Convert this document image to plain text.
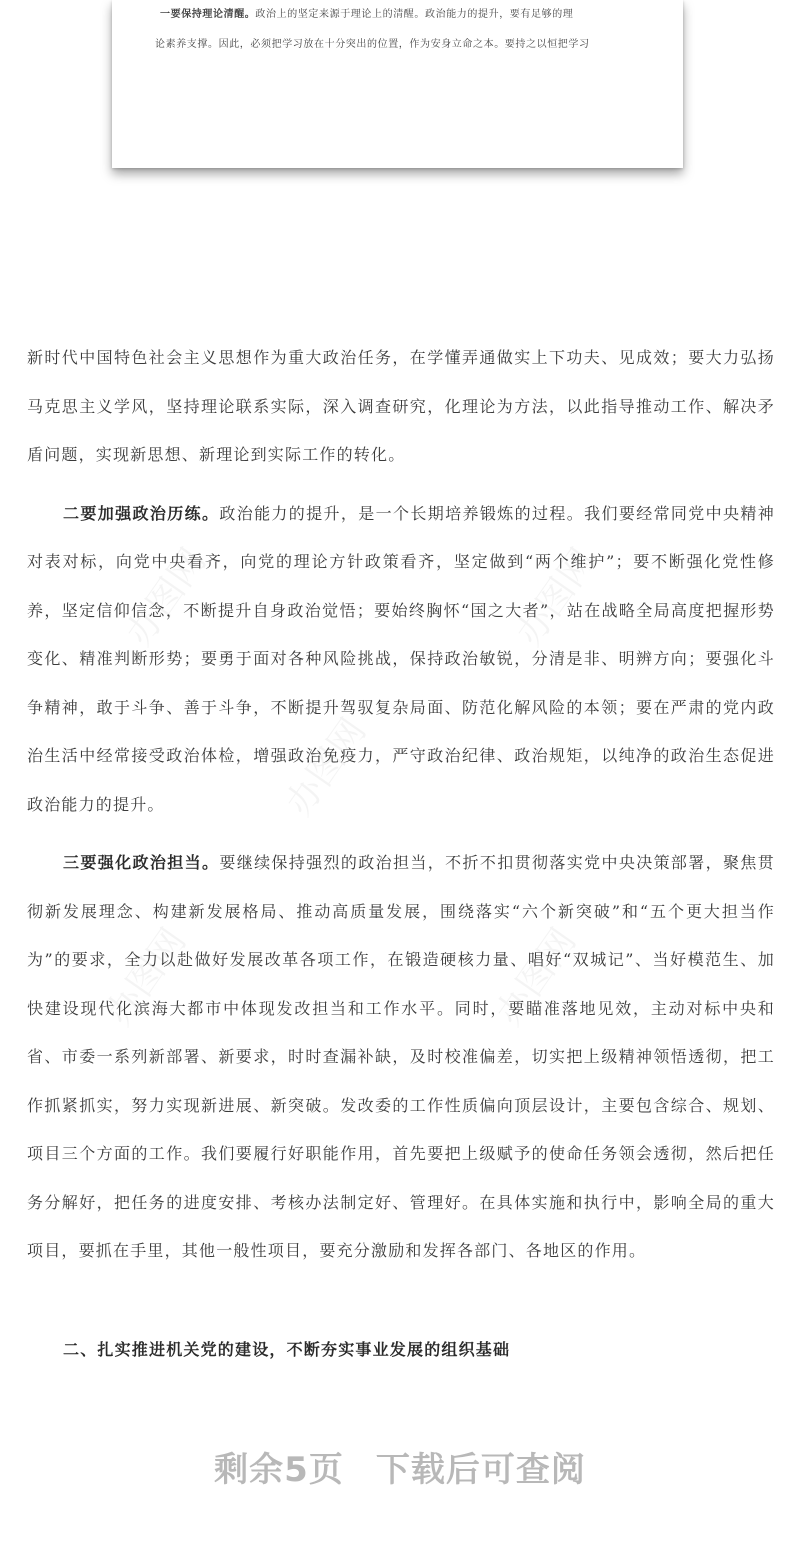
一要保持理论清醒。政治上的坚定来源于理论上的清醒。政治能力的提升，要有足够的理

论素养支撑。因此，必须把学习放在十分突出的位置，作为安身立命之本。要持之以恒把学习

新时代中国特色社会主义思想作为重大政治任务，在学懂弄通做实上下功夫、见成效；要大力弘扬马克思主义学风，坚持理论联系实际，深入调查研究，化理论为方法，以此指导推动工作、解决矛盾问题，实现新思想、新理论到实际工作的转化。

二要加强政治历练。政治能力的提升，是一个长期培养锻炼的过程。我们要经常同党中央精神对表对标，向党中央看齐，向党的理论方针政策看齐，坚定做到“两个维护”；要不断强化党性修养，坚定信仰信念，不断提升自身政治觉悟；要始终胸怀“国之大者”，站在战略全局高度把握形势变化、精准判断形势；要勇于面对各种风险挑战，保持政治敏锐，分清是非、明辨方向；要强化斗争精神，敢于斗争、善于斗争，不断提升驾驭复杂局面、防范化解风险的本领；要在严肃的党内政治生活中经常接受政治体检，增强政治免疫力，严守政治纪律、政治规矩，以纯净的政治生态促进政治能力的提升。

三要强化政治担当。要继续保持强烈的政治担当，不折不扣贯彻落实党中央决策部署，聚焦贯彻新发展理念、构建新发展格局、推动高质量发展，围绕落实“六个新突破”和“五个更大担当作为”的要求，全力以赴做好发展改革各项工作，在锻造硬核力量、唱好“双城记”、当好模范生、加快建设现代化滨海大都市中体现发改担当和工作水平。同时，要瞄准落地见效，主动对标中央和省、市委一系列新部署、新要求，时时查漏补缺，及时校准偏差，切实把上级精神领悟透彻，把工作抓紧抓实，努力实现新进展、新突破。发改委的工作性质偏向顶层设计，主要包含综合、规划、项目三个方面的工作。我们要履行好职能作用，首先要把上级赋予的使命任务领会透彻，然后把任务分解好，把任务的进度安排、考核办法制定好、管理好。在具体实施和执行中，影响全局的重大项目，要抓在手里，其他一般性项目，要充分激励和发挥各部门、各地区的作用。

二、扎实推进机关党的建设，不断夯实事业发展的组织基础

剩余5页 下载后可查阅
